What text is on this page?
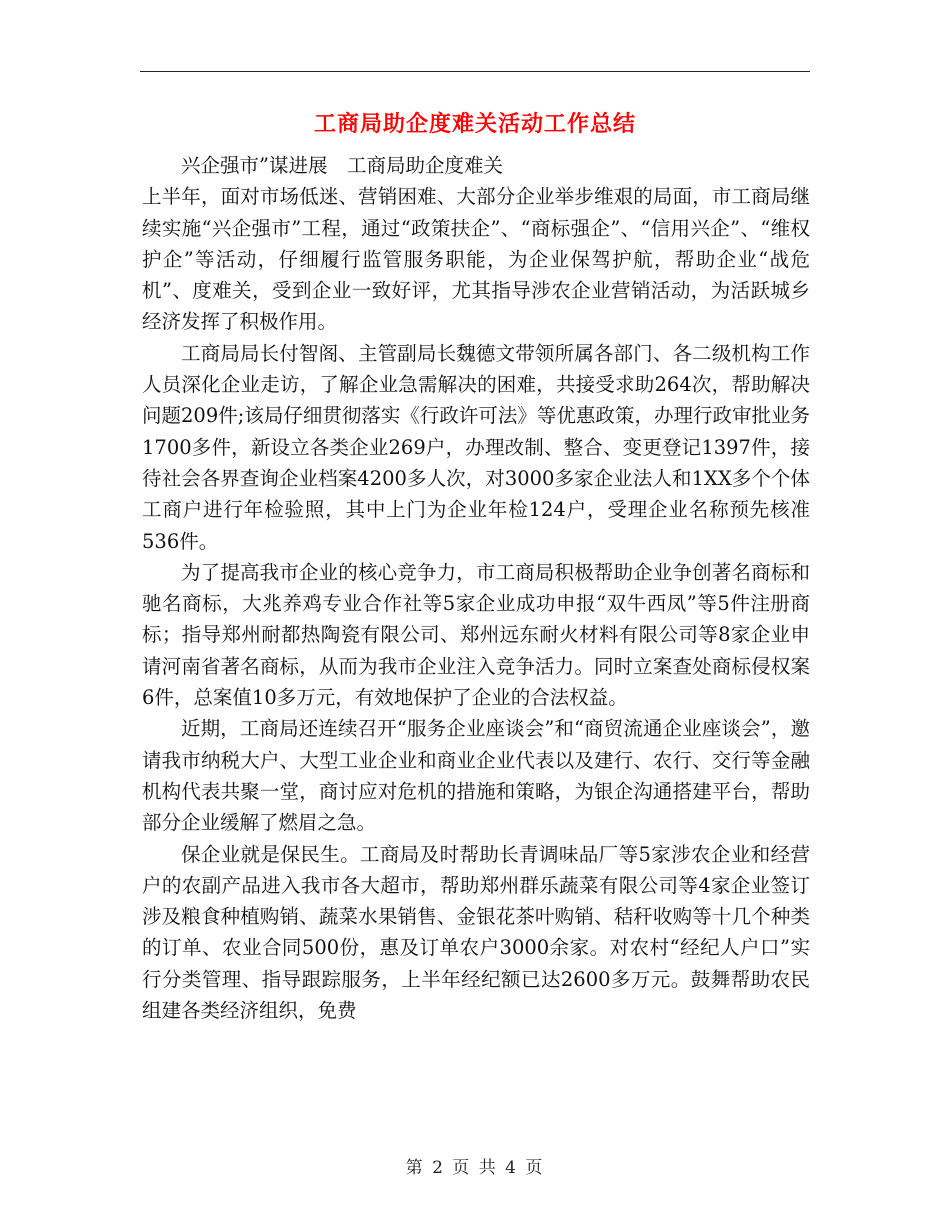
工商局助企度难关活动工作总结

兴企强市”谋进展　工商局助企度难关

上半年，面对市场低迷、营销困难、大部分企业举步维艰的局面，市工商局继续实施“兴企强市”工程，通过“政策扶企”、“商标强企”、“信用兴企”、“维权护企”等活动，仔细履行监管服务职能，为企业保驾护航，帮助企业“战危机”、度难关，受到企业一致好评，尤其指导涉农企业营销活动，为活跃城乡经济发挥了积极作用。

工商局局长付智阁、主管副局长魏德文带领所属各部门、各二级机构工作人员深化企业走访，了解企业急需解决的困难，共接受求助264次，帮助解决问题209件;该局仔细贯彻落实《行政许可法》等优惠政策，办理行政审批业务1700多件，新设立各类企业269户，办理改制、整合、变更登记1397件，接待社会各界查询企业档案4200多人次，对3000多家企业法人和1XX多个个体工商户进行年检验照，其中上门为企业年检124户，受理企业名称预先核准536件。

为了提高我市企业的核心竞争力，市工商局积极帮助企业争创著名商标和驰名商标，大兆养鸡专业合作社等5家企业成功申报“双牛西凤”等5件注册商标；指导郑州耐都热陶瓷有限公司、郑州远东耐火材料有限公司等8家企业申请河南省著名商标，从而为我市企业注入竞争活力。同时立案查处商标侵权案6件，总案值10多万元，有效地保护了企业的合法权益。

近期，工商局还连续召开“服务企业座谈会”和“商贸流通企业座谈会”，邀请我市纳税大户、大型工业企业和商业企业代表以及建行、农行、交行等金融机构代表共聚一堂，商讨应对危机的措施和策略，为银企沟通搭建平台，帮助部分企业缓解了燃眉之急。

保企业就是保民生。工商局及时帮助长青调味品厂等5家涉农企业和经营户的农副产品进入我市各大超市，帮助郑州群乐蔬菜有限公司等4家企业签订涉及粮食种植购销、蔬菜水果销售、金银花茶叶购销、秸秆收购等十几个种类的订单、农业合同500份，惠及订单农户3000余家。对农村“经纪人户口”实行分类管理、指导跟踪服务，上半年经纪额已达2600多万元。鼓舞帮助农民组建各类经济组织，免费

第 2 页 共 4 页
